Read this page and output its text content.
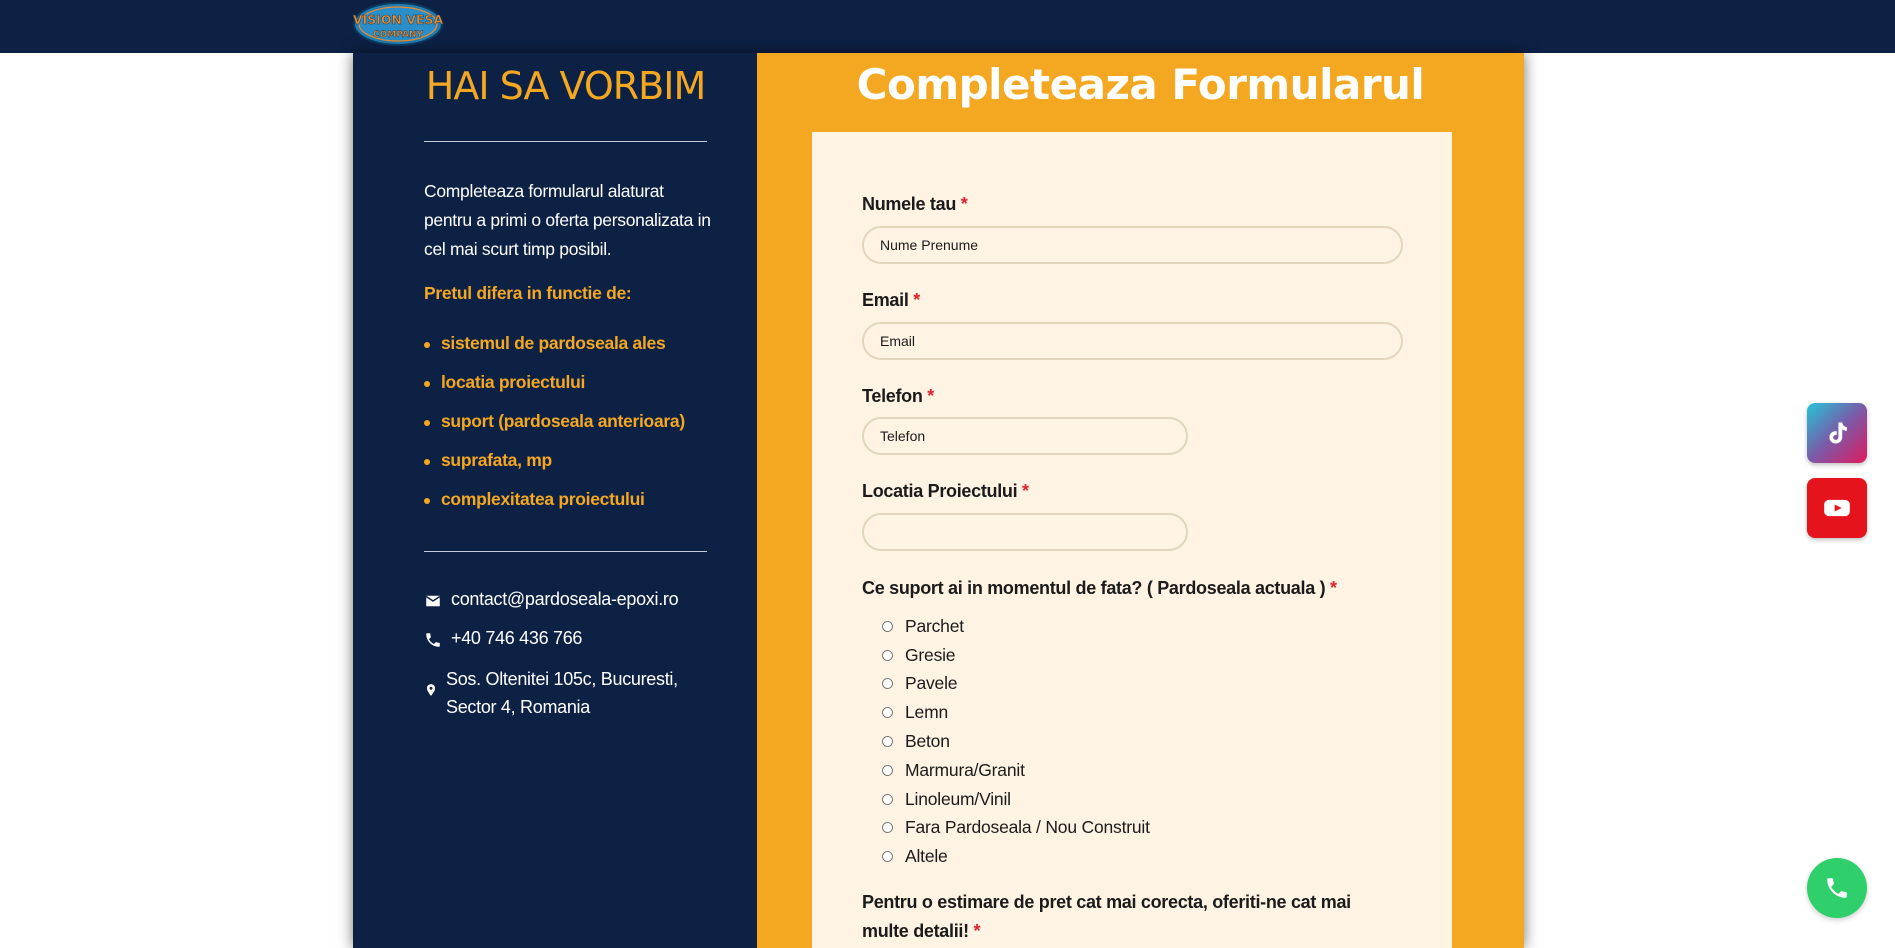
VISION VESA
COMPANY
HAI SA VORBIM
Completeaza formularul alaturat pentru a primi o oferta personalizata in cel mai scurt timp posibil.
Pretul difera in functie de:
sistemul de pardoseala ales
locatia proiectului
suport (pardoseala anterioara)
suprafata, mp
complexitatea proiectului
contact@pardoseala-epoxi.ro
+40 746 436 766
Sos. Oltenitei 105c, Bucuresti, Sector 4, Romania
Completeaza Formularul
Numele tau *
Nume Prenume
Email *
Email
Telefon *
Telefon
Locatia Proiectului *
Ce suport ai in momentul de fata? ( Pardoseala actuala ) *
Parchet
Gresie
Pavele
Lemn
Beton
Marmura/Granit
Linoleum/Vinil
Fara Pardoseala / Nou Construit
Altele
Pentru o estimare de pret cat mai corecta, oferiti-ne cat mai multe detalii! *
